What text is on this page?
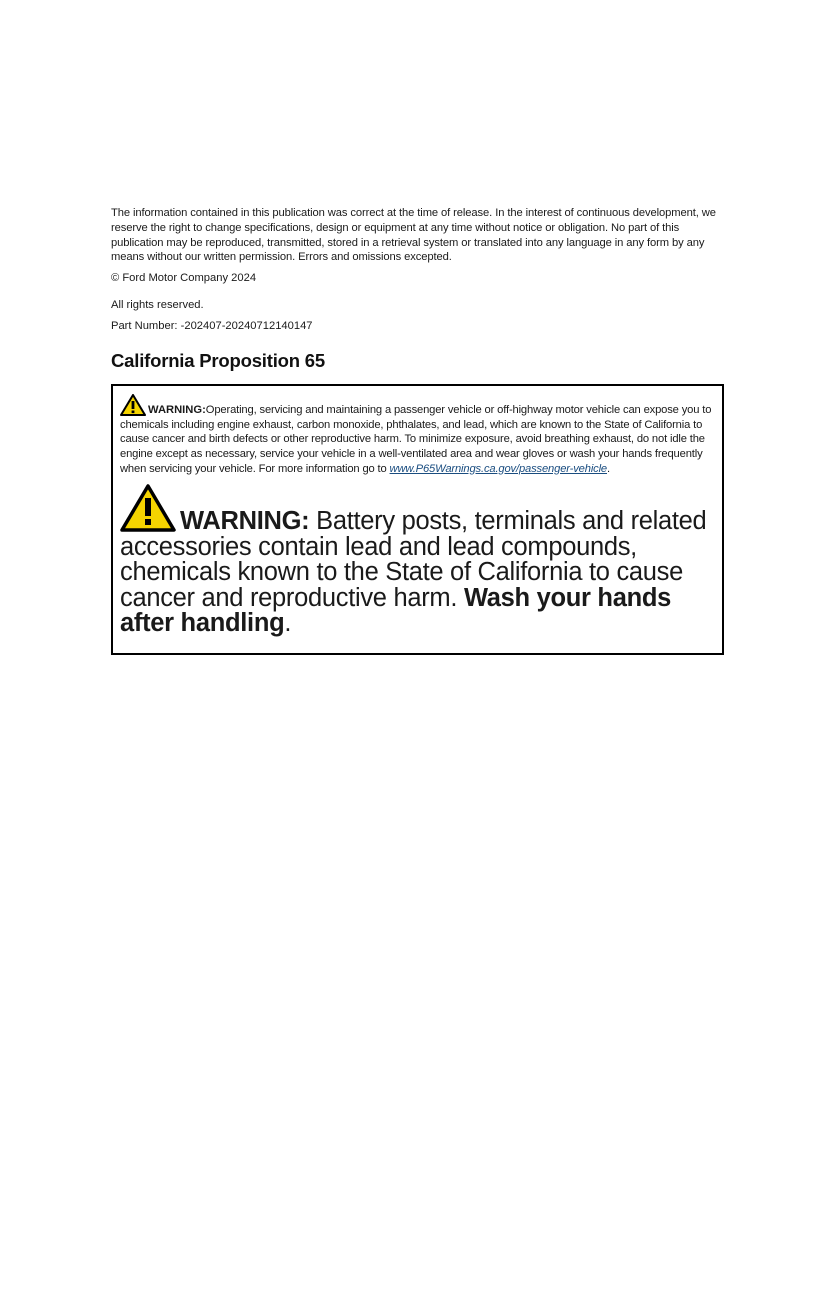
The information contained in this publication was correct at the time of release. In the interest of continuous development, we reserve the right to change specifications, design or equipment at any time without notice or obligation. No part of this publication may be reproduced, transmitted, stored in a retrieval system or translated into any language in any form by any means without our written permission. Errors and omissions excepted.

© Ford Motor Company 2024

All rights reserved.

Part Number: -202407-20240712140147

California Proposition 65

WARNING:Operating, servicing and maintaining a passenger vehicle or off-highway motor vehicle can expose you to chemicals including engine exhaust, carbon monoxide, phthalates, and lead, which are known to the State of California to cause cancer and birth defects or other reproductive harm. To minimize exposure, avoid breathing exhaust, do not idle the engine except as necessary, service your vehicle in a well-ventilated area and wear gloves or wash your hands frequently when servicing your vehicle. For more information go to www.P65Warnings.ca.gov/passenger-vehicle.

WARNING: Battery posts, terminals and related accessories contain lead and lead compounds, chemicals known to the State of California to cause cancer and reproductive harm. Wash your hands after handling.
